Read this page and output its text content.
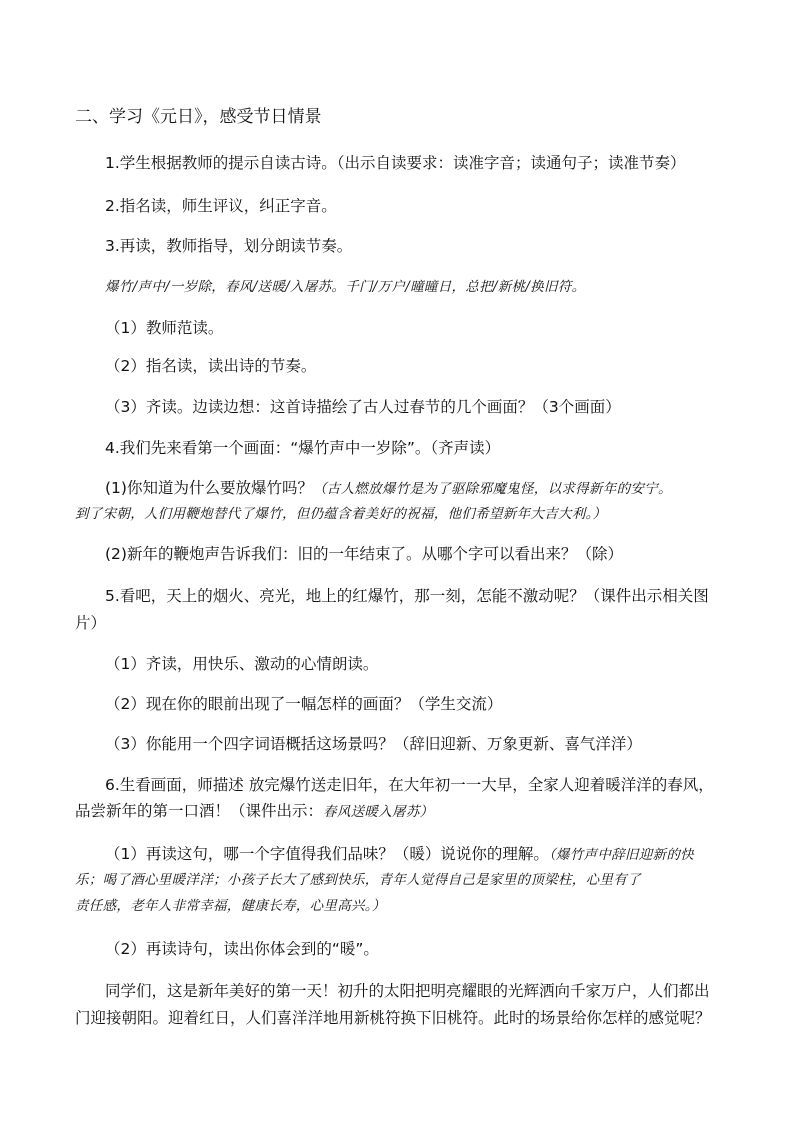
二、学习《元日》，感受节日情景
1.学生根据教师的提示自读古诗。（出示自读要求：读准字音；读通句子；读准节奏）
2.指名读，师生评议，纠正字音。
3.再读，教师指导，划分朗读节奏。
爆竹/声中/一岁除，春风/送暖/入屠苏。千门/万户/曈曈日，总把/新桃/换旧符。
（1）教师范读。
（2）指名读，读出诗的节奏。
（3）齐读。边读边想：这首诗描绘了古人过春节的几个画面？（3个画面）
4.我们先来看第一个画面：“爆竹声中一岁除”。（齐声读）
(1)你知道为什么要放爆竹吗？（古人燃放爆竹是为了驱除邪魔鬼怪，以求得新年的安宁。
到了宋朝，人们用鞭炮替代了爆竹，但仍蕴含着美好的祝福，他们希望新年大吉大利。）
(2)新年的鞭炮声告诉我们：旧的一年结束了。从哪个字可以看出来？（除）
5.看吧，天上的烟火、亮光，地上的红爆竹，那一刻，怎能不激动呢？（课件出示相关图
片）
（1）齐读，用快乐、激动的心情朗读。
（2）现在你的眼前出现了一幅怎样的画面？（学生交流）
（3）你能用一个四字词语概括这场景吗？（辞旧迎新、万象更新、喜气洋洋）
6.生看画面，师描述 放完爆竹送走旧年，在大年初一一大早，全家人迎着暖洋洋的春风，
品尝新年的第一口酒！（课件出示：春风送暖入屠苏）
（1）再读这句，哪一个字值得我们品味？（暖）说说你的理解。（爆竹声中辞旧迎新的快
乐；喝了酒心里暖洋洋；小孩子长大了感到快乐，青年人觉得自己是家里的顶梁柱，心里有了
责任感，老年人非常幸福，健康长寿，心里高兴。）
（2）再读诗句，读出你体会到的“暖”。
同学们，这是新年美好的第一天！初升的太阳把明亮耀眼的光辉洒向千家万户，人们都出
门迎接朝阳。迎着红日，人们喜洋洋地用新桃符换下旧桃符。此时的场景给你怎样的感觉呢？
